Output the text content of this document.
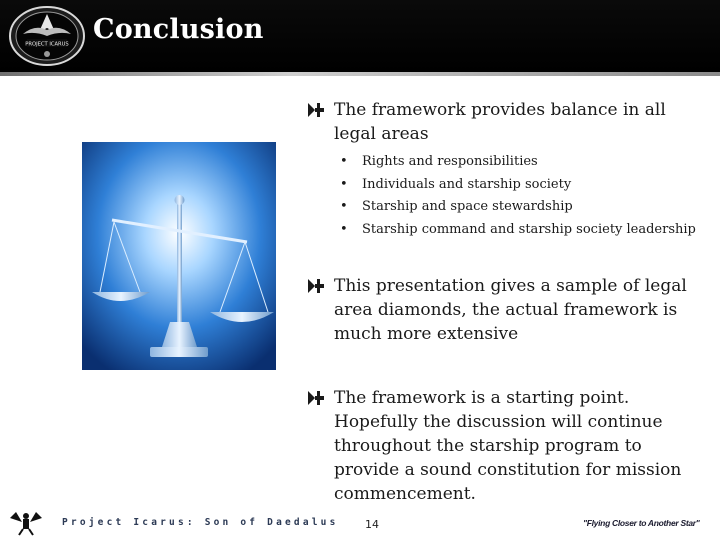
PROJECT ICARUS Conclusion
The framework provides balance in all legal areas
• Rights and responsibilities
• Individuals and starship society
• Starship and space stewardship
• Starship command and starship society leadership
This presentation gives a sample of legal area diamonds, the actual framework is much more extensive
The framework is a starting point. Hopefully the discussion will continue throughout the starship program to provide a sound constitution for mission commencement.
Project Icarus: Son of Daedalus 14	"Flying Closer to Another Star"
